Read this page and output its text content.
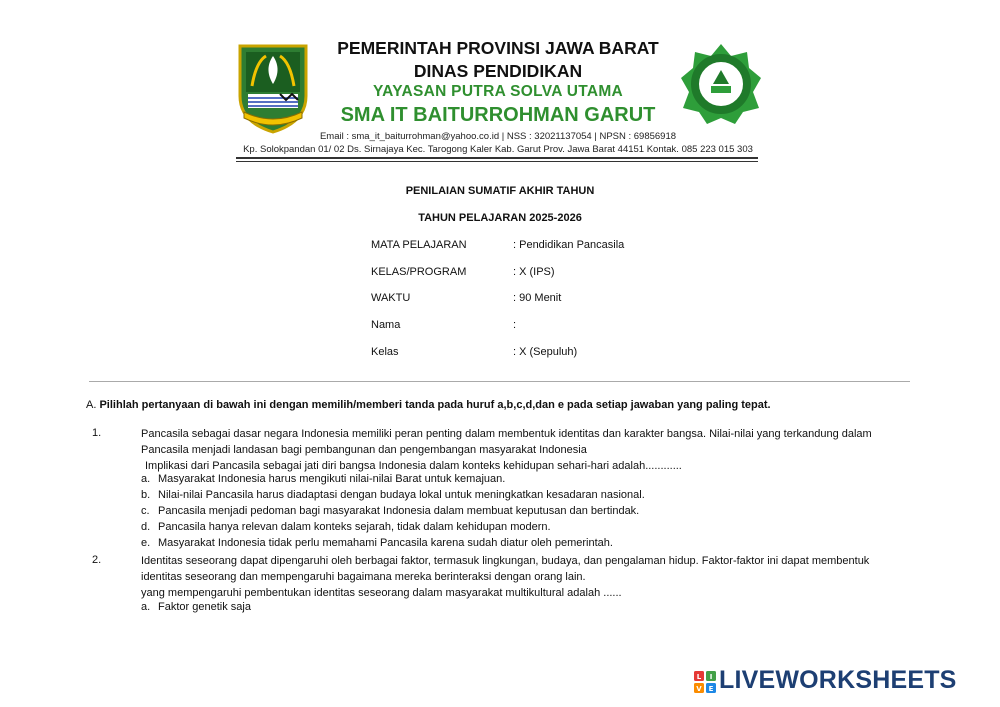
PEMERINTAH PROVINSI JAWA BARAT
DINAS PENDIDIKAN
YAYASAN PUTRA SOLVA UTAMA
SMA IT BAITURROHMAN GARUT
Email : sma_it_baiturrohman@yahoo.co.id | NSS : 32021137054 | NPSN : 69856918
Kp. Solokpandan 01/ 02 Ds. Sirnajaya Kec. Tarogong Kaler Kab. Garut Prov. Jawa Barat 44151 Kontak. 085 223 015 303
PENILAIAN SUMATIF AKHIR TAHUN
TAHUN PELAJARAN 2025-2026
MATA PELAJARAN	: Pendidikan Pancasila
KELAS/PROGRAM	: X (IPS)
WAKTU	: 90 Menit
Nama	:
Kelas	: X (Sepuluh)
A. Pilihlah pertanyaan di bawah ini dengan memilih/memberi tanda pada huruf a,b,c,d,dan e pada setiap jawaban yang paling tepat.
1.	Pancasila sebagai dasar negara Indonesia memiliki peran penting dalam membentuk identitas dan karakter bangsa. Nilai-nilai yang terkandung dalam Pancasila menjadi landasan bagi pembangunan dan pengembangan masyarakat Indonesia
Implikasi dari Pancasila sebagai jati diri bangsa Indonesia dalam konteks kehidupan sehari-hari adalah............
a. Masyarakat Indonesia harus mengikuti nilai-nilai Barat untuk kemajuan.
b. Nilai-nilai Pancasila harus diadaptasi dengan budaya lokal untuk meningkatkan kesadaran nasional.
c. Pancasila menjadi pedoman bagi masyarakat Indonesia dalam membuat keputusan dan bertindak.
d. Pancasila hanya relevan dalam konteks sejarah, tidak dalam kehidupan modern.
e. Masyarakat Indonesia tidak perlu memahami Pancasila karena sudah diatur oleh pemerintah.
2.	Identitas seseorang dapat dipengaruhi oleh berbagai faktor, termasuk lingkungan, budaya, dan pengalaman hidup. Faktor-faktor ini dapat membentuk identitas seseorang dan mempengaruhi bagaimana mereka berinteraksi dengan orang lain.
yang mempengaruhi pembentukan identitas seseorang dalam masyarakat multikultural adalah ......
a. Faktor genetik saja
L I
V E LIVEWORKSHEETS
